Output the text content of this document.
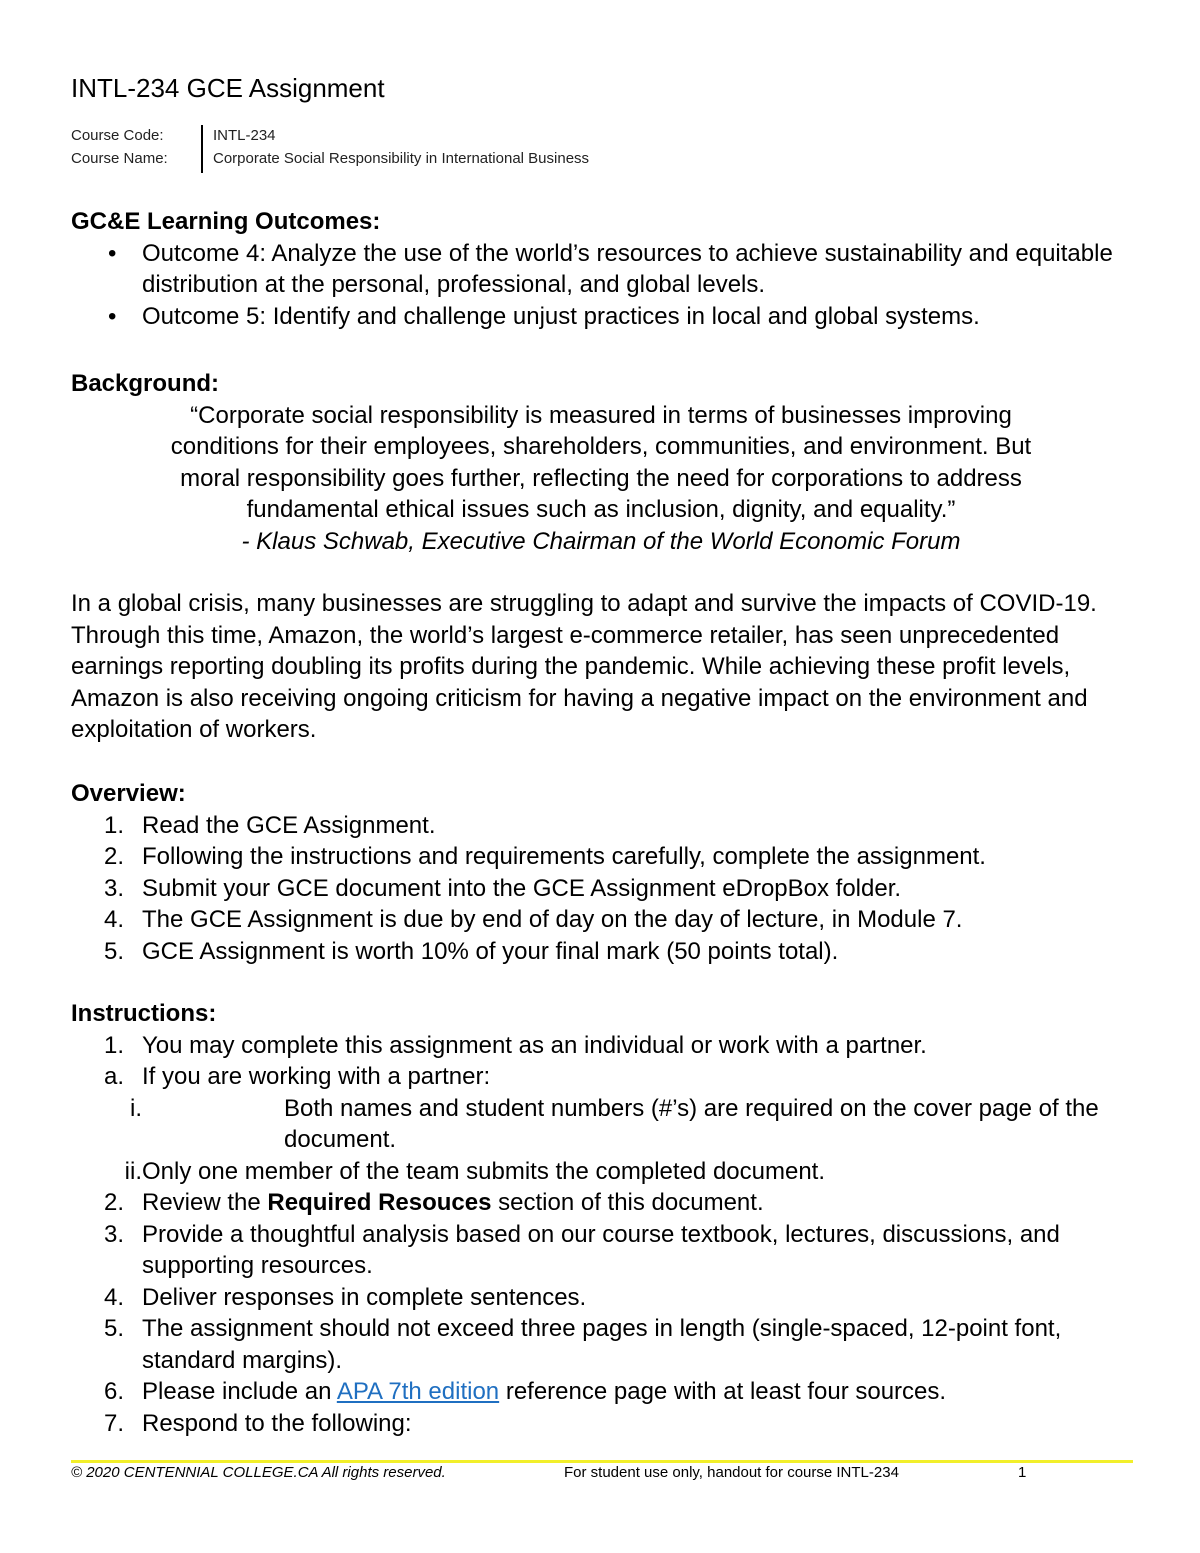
INTL-234 GCE Assignment
Course Code:	INTL-234
Course Name:	Corporate Social Responsibility in International Business
GC&E Learning Outcomes:
• Outcome 4: Analyze the use of the world’s resources to achieve sustainability and equitable distribution at the personal, professional, and global levels.
• Outcome 5: Identify and challenge unjust practices in local and global systems.
Background:
“Corporate social responsibility is measured in terms of businesses improving
conditions for their employees, shareholders, communities, and environment. But
moral responsibility goes further, reflecting the need for corporations to address
fundamental ethical issues such as inclusion, dignity, and equality.”
- Klaus Schwab, Executive Chairman of the World Economic Forum
In a global crisis, many businesses are struggling to adapt and survive the impacts of COVID-19. Through this time, Amazon, the world’s largest e-commerce retailer, has seen unprecedented earnings reporting doubling its profits during the pandemic. While achieving these profit levels, Amazon is also receiving ongoing criticism for having a negative impact on the environment and exploitation of workers.
Overview:
1. Read the GCE Assignment.
2. Following the instructions and requirements carefully, complete the assignment.
3. Submit your GCE document into the GCE Assignment eDropBox folder.
4. The GCE Assignment is due by end of day on the day of lecture, in Module 7.
5. GCE Assignment is worth 10% of your final mark (50 points total).
Instructions:
1. You may complete this assignment as an individual or work with a partner.
a. If you are working with a partner:
i.	Both names and student numbers (#’s) are required on the cover page of the document.
ii. Only one member of the team submits the completed document.
2. Review the Required Resouces section of this document.
3. Provide a thoughtful analysis based on our course textbook, lectures, discussions, and supporting resources.
4. Deliver responses in complete sentences.
5. The assignment should not exceed three pages in length (single-spaced, 12-point font, standard margins).
6. Please include an APA 7th edition reference page with at least four sources.
7. Respond to the following:
© 2020 CENTENNIAL COLLEGE.CA All rights reserved.	For student use only, handout for course INTL-234	1
